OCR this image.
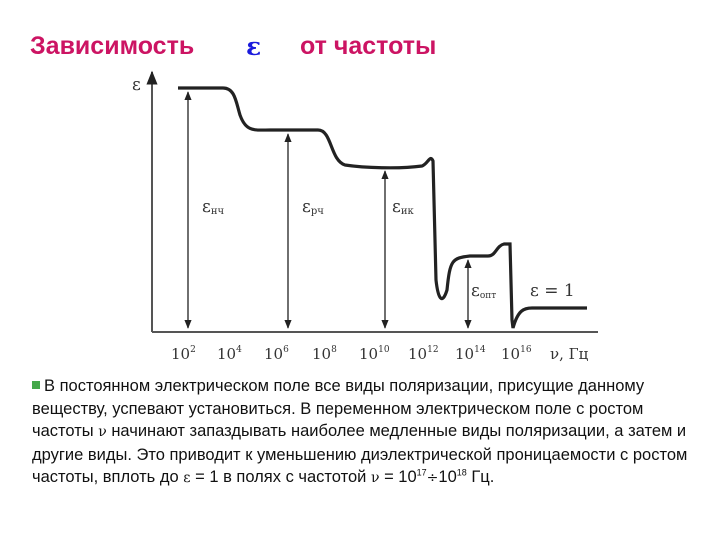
Зависимость ε от частоты
ε
εнч	εрч	εик
εопт ε = 1
$10^2$ $10^4$ $10^6$ $10^8$ $10^{10}$ $10^{12}$ $10^{14}$ $10^{16}$ ν, Гц
В постоянном электрическом поле все виды поляризации, присущие данному веществу, успевают установиться. В переменном электрическом поле с ростом частоты ν начинают запаздывать наиболее медленные виды поляризации, а затем и другие виды. Это приводит к уменьшению диэлектрической проницаемости с ростом частоты, вплоть до ε = 1 в полях с частотой $\nu = 10^{17}\div 10^{18}$ Гц.
